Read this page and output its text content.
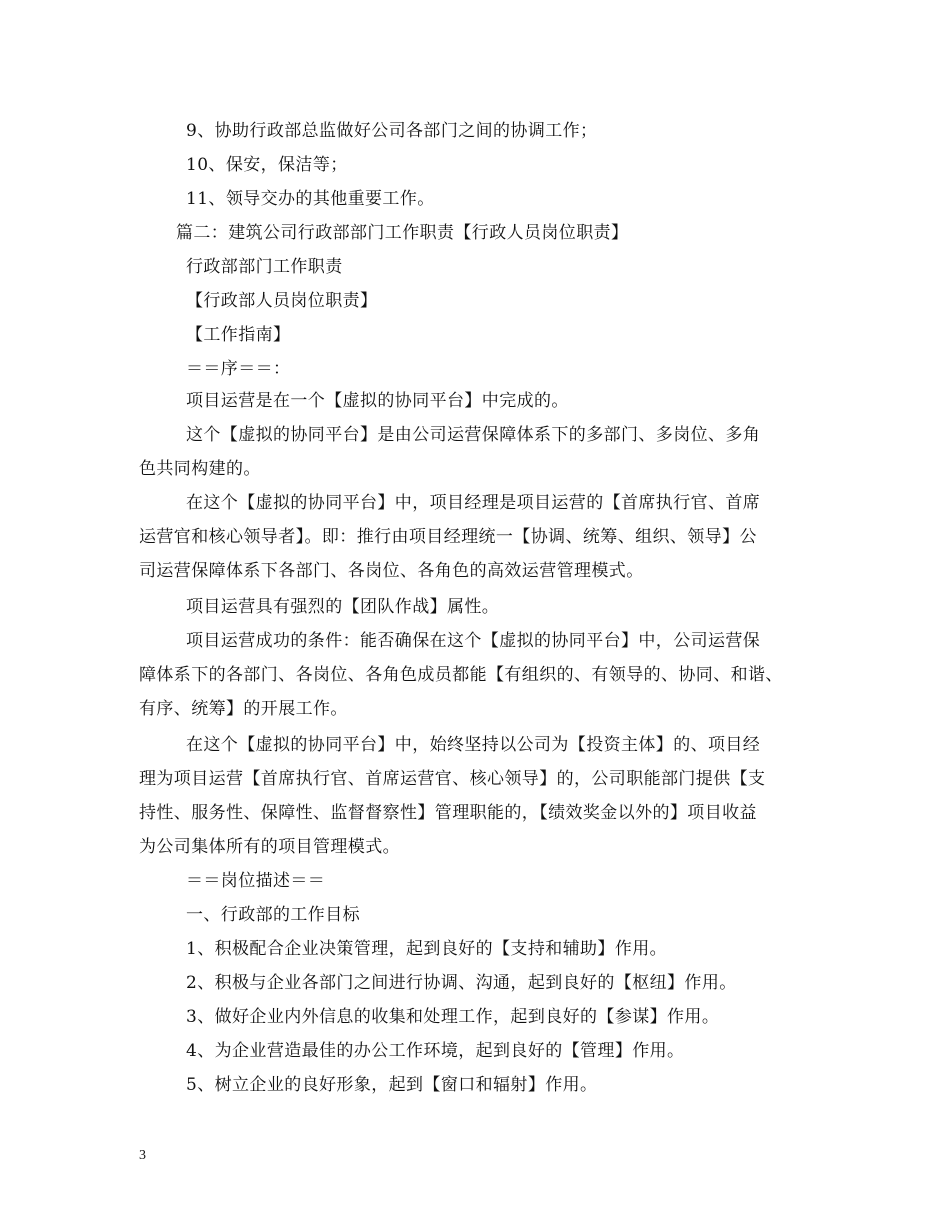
9、协助行政部总监做好公司各部门之间的协调工作；
10、保安，保洁等；
11、领导交办的其他重要工作。
篇二：建筑公司行政部部门工作职责【行政人员岗位职责】
行政部部门工作职责
【行政部人员岗位职责】
【工作指南】
＝＝序＝＝：
项目运营是在一个【虚拟的协同平台】中完成的。
这个【虚拟的协同平台】是由公司运营保障体系下的多部门、多岗位、多角
色共同构建的。
在这个【虚拟的协同平台】中，项目经理是项目运营的【首席执行官、首席
运营官和核心领导者】。即：推行由项目经理统一【协调、统筹、组织、领导】公
司运营保障体系下各部门、各岗位、各角色的高效运营管理模式。
项目运营具有强烈的【团队作战】属性。
项目运营成功的条件：能否确保在这个【虚拟的协同平台】中，公司运营保
障体系下的各部门、各岗位、各角色成员都能【有组织的、有领导的、协同、和谐、
有序、统筹】的开展工作。
在这个【虚拟的协同平台】中，始终坚持以公司为【投资主体】的、项目经
理为项目运营【首席执行官、首席运营官、核心领导】的，公司职能部门提供【支
持性、服务性、保障性、监督督察性】管理职能的，【绩效奖金以外的】项目收益
为公司集体所有的项目管理模式。
＝＝岗位描述＝＝
一、行政部的工作目标
1、积极配合企业决策管理，起到良好的【支持和辅助】作用。
2、积极与企业各部门之间进行协调、沟通，起到良好的【枢纽】作用。
3、做好企业内外信息的收集和处理工作，起到良好的【参谋】作用。
4、为企业营造最佳的办公工作环境，起到良好的【管理】作用。
5、树立企业的良好形象，起到【窗口和辐射】作用。
3
